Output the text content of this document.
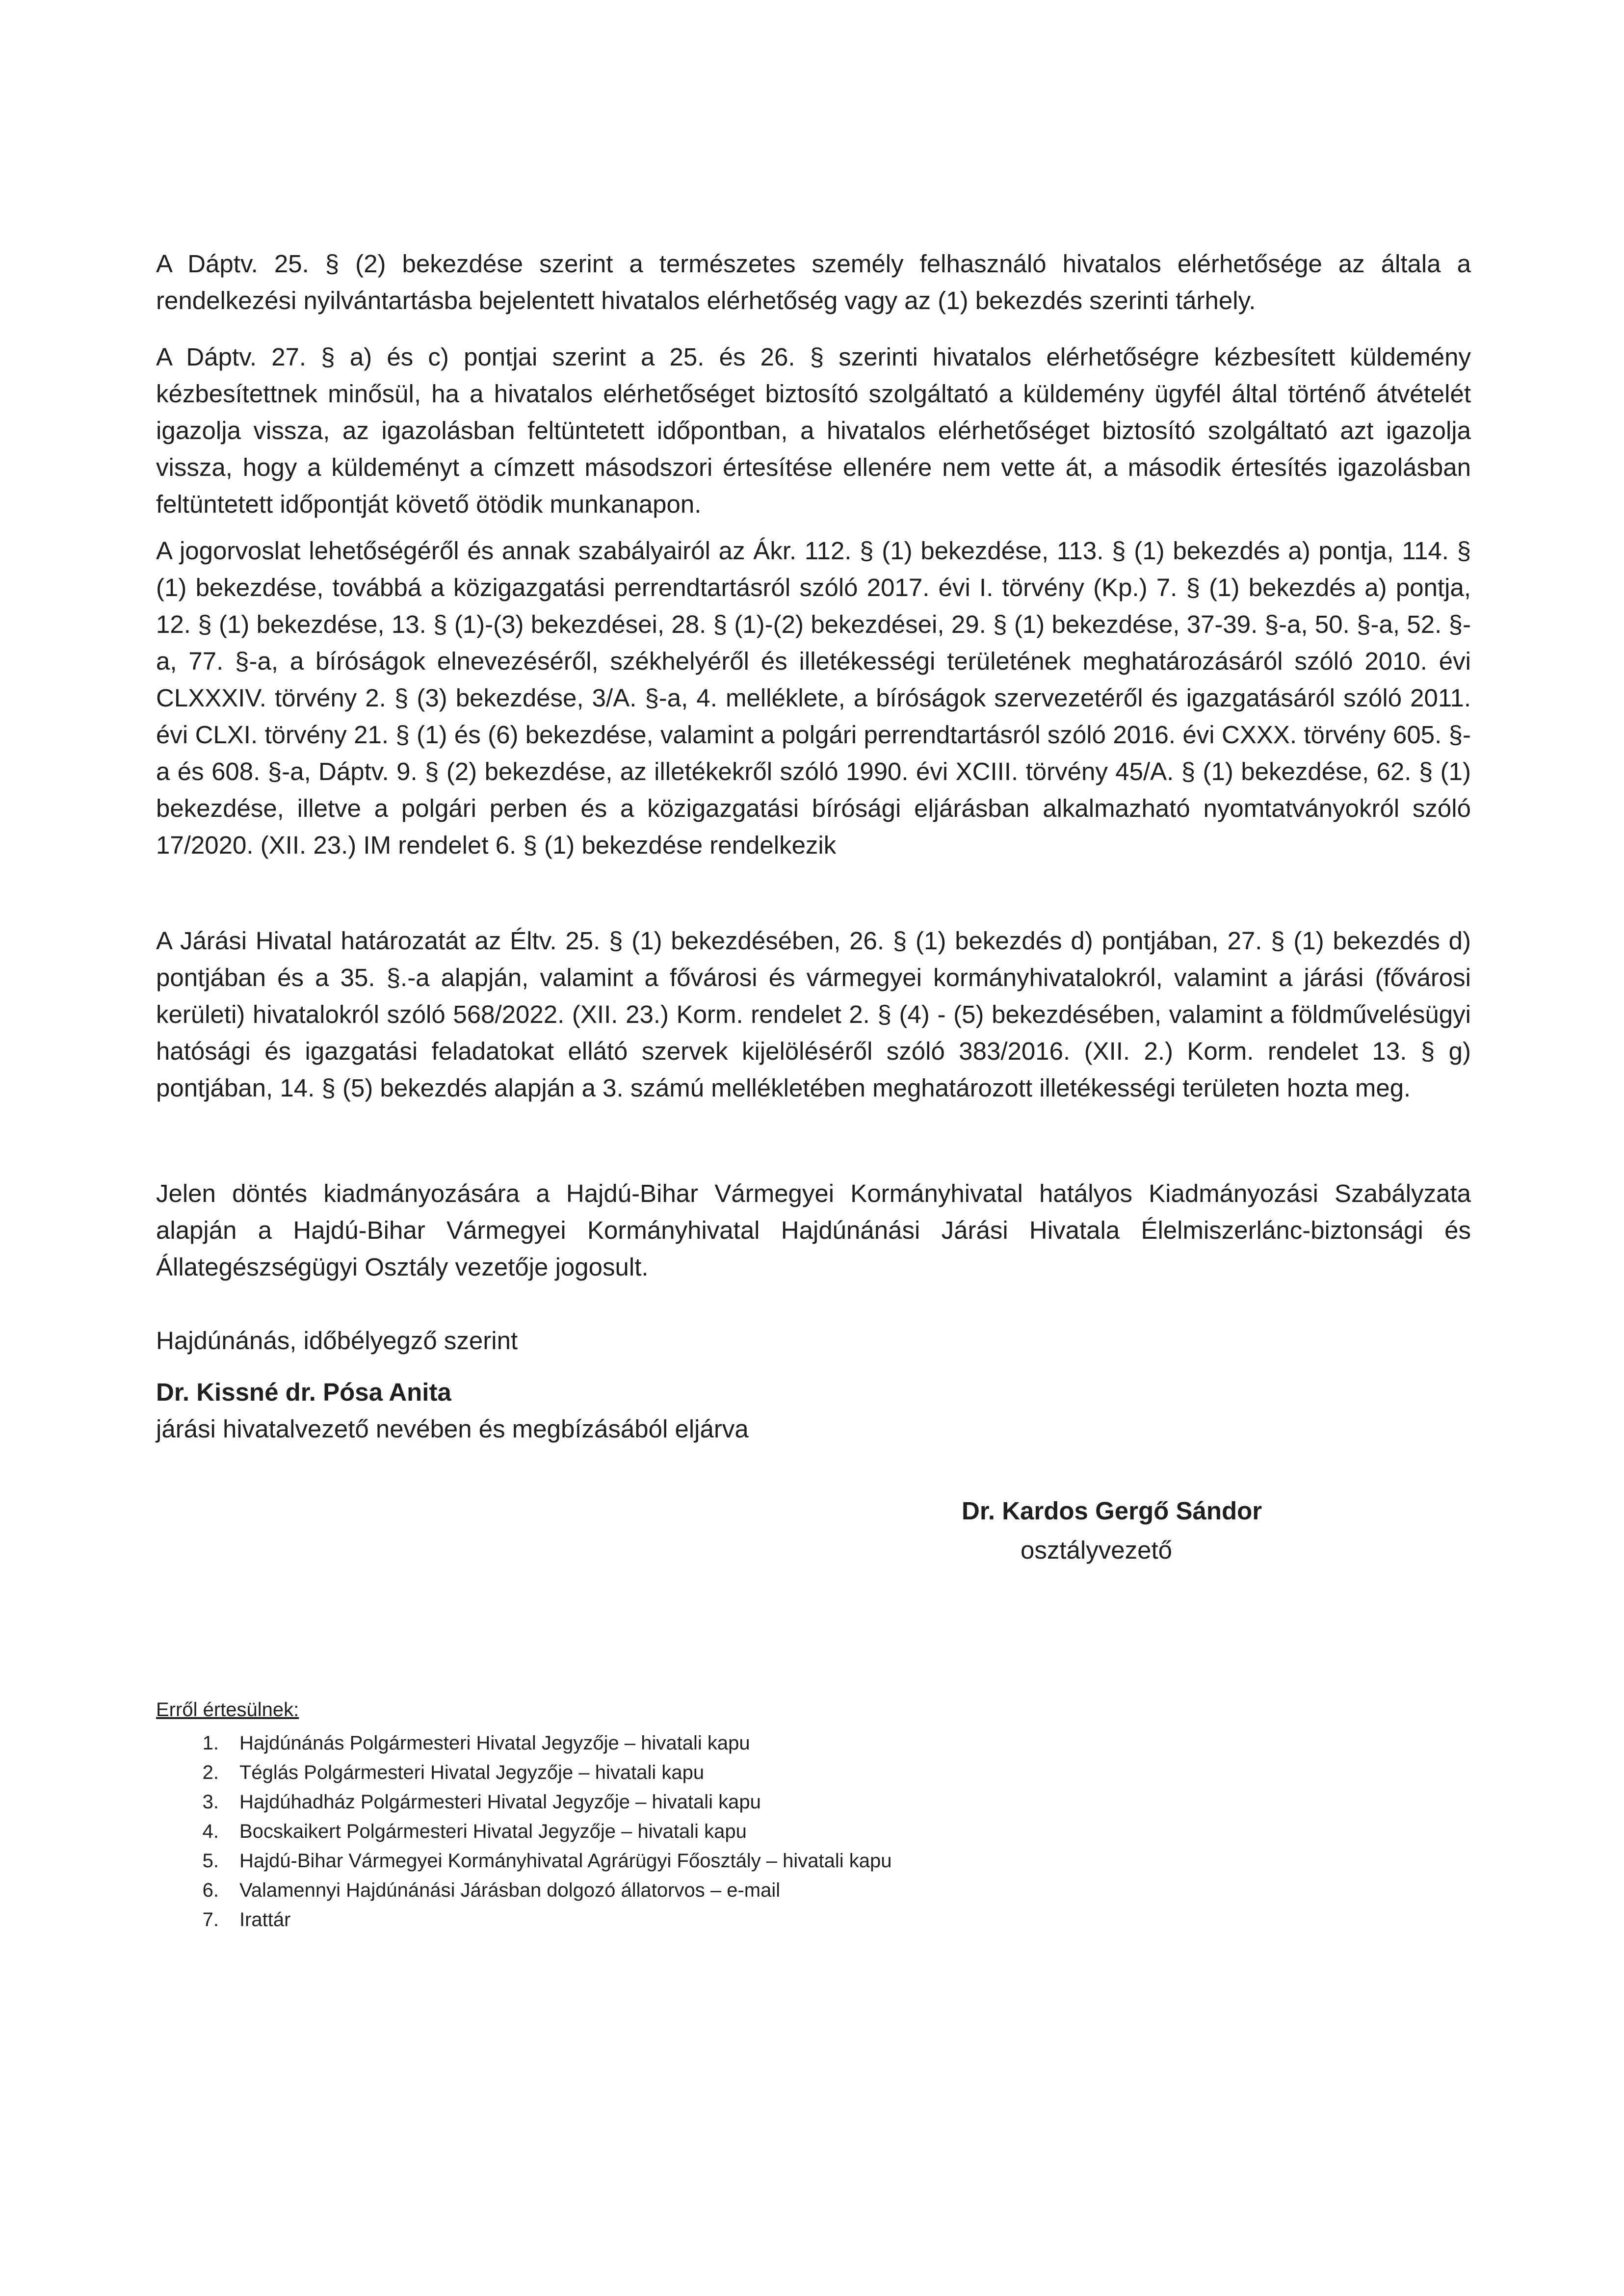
A Dáptv. 25. § (2) bekezdése szerint a természetes személy felhasználó hivatalos elérhetősége az általa a rendelkezési nyilvántartásba bejelentett hivatalos elérhetőség vagy az (1) bekezdés szerinti tárhely.

A Dáptv. 27. § a) és c) pontjai szerint a 25. és 26. § szerinti hivatalos elérhetőségre kézbesített küldemény kézbesítettnek minősül, ha a hivatalos elérhetőséget biztosító szolgáltató a küldemény ügyfél által történő átvételét igazolja vissza, az igazolásban feltüntetett időpontban, a hivatalos elérhetőséget biztosító szolgáltató azt igazolja vissza, hogy a küldeményt a címzett másodszori értesítése ellenére nem vette át, a második értesítés igazolásban feltüntetett időpontját követő ötödik munkanapon.

A jogorvoslat lehetőségéről és annak szabályairól az Ákr. 112. § (1) bekezdése, 113. § (1) bekezdés a) pontja, 114. § (1) bekezdése, továbbá a közigazgatási perrendtartásról szóló 2017. évi I. törvény (Kp.) 7. § (1) bekezdés a) pontja, 12. § (1) bekezdése, 13. § (1)-(3) bekezdései, 28. § (1)-(2) bekezdései, 29. § (1) bekezdése, 37-39. §-a, 50. §-a, 52. §-a, 77. §-a, a bíróságok elnevezéséről, székhelyéről és illetékességi területének meghatározásáról szóló 2010. évi CLXXXIV. törvény 2. § (3) bekezdése, 3/A. §-a, 4. melléklete, a bíróságok szervezetéről és igazgatásáról szóló 2011. évi CLXI. törvény 21. § (1) és (6) bekezdése, valamint a polgári perrendtartásról szóló 2016. évi CXXX. törvény 605. §-a és 608. §-a, Dáptv. 9. § (2) bekezdése, az illetékekről szóló 1990. évi XCIII. törvény 45/A. § (1) bekezdése, 62. § (1) bekezdése, illetve a polgári perben és a közigazgatási bírósági eljárásban alkalmazható nyomtatványokról szóló 17/2020. (XII. 23.) IM rendelet 6. § (1) bekezdése rendelkezik

A Járási Hivatal határozatát az Éltv. 25. § (1) bekezdésében, 26. § (1) bekezdés d) pontjában, 27. § (1) bekezdés d) pontjában és a 35. §.-a alapján, valamint a fővárosi és vármegyei kormányhivatalokról, valamint a járási (fővárosi kerületi) hivatalokról szóló 568/2022. (XII. 23.) Korm. rendelet 2. § (4) - (5) bekezdésében, valamint a földművelésügyi hatósági és igazgatási feladatokat ellátó szervek kijelöléséről szóló 383/2016. (XII. 2.) Korm. rendelet 13. § g) pontjában, 14. § (5) bekezdés alapján a 3. számú mellékletében meghatározott illetékességi területen hozta meg.

Jelen döntés kiadmányozására a Hajdú-Bihar Vármegyei Kormányhivatal hatályos Kiadmányozási Szabályzata alapján a Hajdú-Bihar Vármegyei Kormányhivatal Hajdúnánási Járási Hivatala Élelmiszerlánc-biztonsági és Állategészségügyi Osztály vezetője jogosult.

Hajdúnánás, időbélyegző szerint

Dr. Kissné dr. Pósa Anita
járási hivatalvezető nevében és megbízásából eljárva
Dr. Kardos Gergő Sándor
osztályvezető
Erről értesülnek:
1.	Hajdúnánás Polgármesteri Hivatal Jegyzője – hivatali kapu
2.	Téglás Polgármesteri Hivatal Jegyzője – hivatali kapu
3.	Hajdúhadház Polgármesteri Hivatal Jegyzője – hivatali kapu
4.	Bocskaikert Polgármesteri Hivatal Jegyzője – hivatali kapu
5.	Hajdú-Bihar Vármegyei Kormányhivatal Agrárügyi Főosztály – hivatali kapu
6.	Valamennyi Hajdúnánási Járásban dolgozó állatorvos – e-mail
7.	Irattár
